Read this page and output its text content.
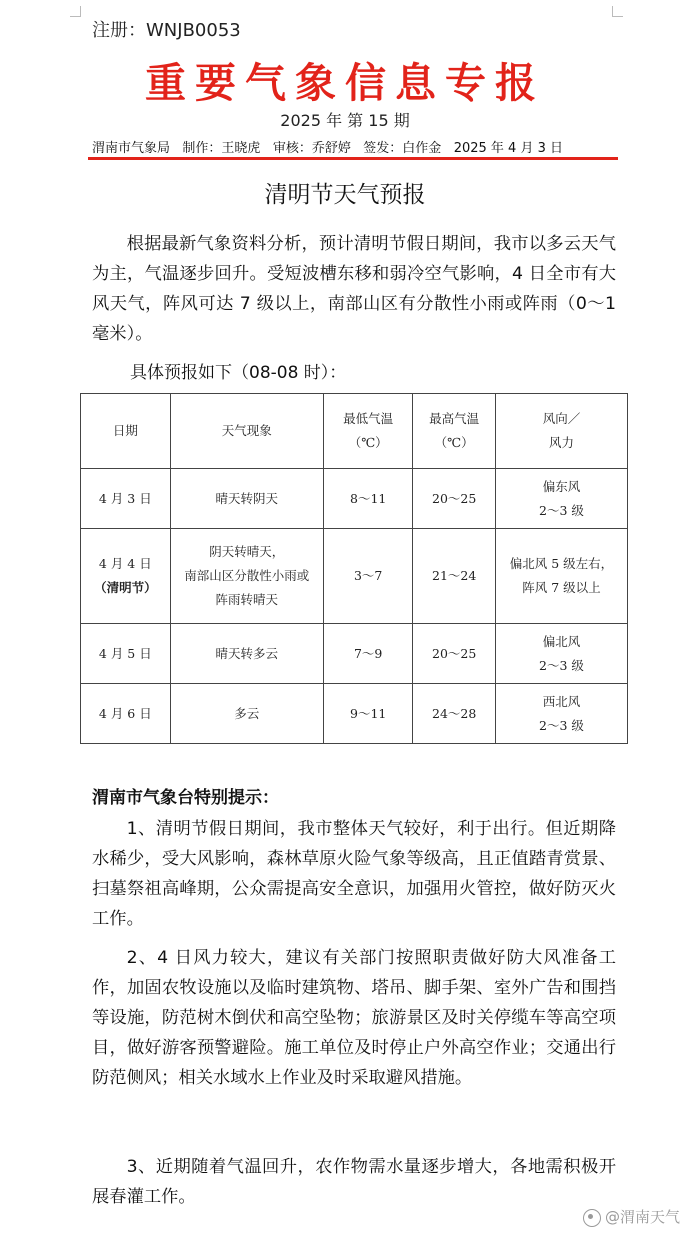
注册：WNJB0053
重要气象信息专报
2025 年 第 15 期
渭南市气象局 制作：王晓虎 审核：乔舒婷 签发：白作金 2025 年 4 月 3 日
清明节天气预报

根据最新气象资料分析，预计清明节假日期间，我市以多云天气为主，气温逐步回升。受短波槽东移和弱冷空气影响，4 日全市有大风天气，阵风可达 7 级以上，南部山区有分散性小雨或阵雨（0～1 毫米）。

具体预报如下（08-08 时）：
日期	天气现象	最低气温
（℃）	最高气温
（℃）	风向／
风力

4 月 3 日	晴天转阴天	8～11	20～25	偏东风
2～3 级

4 月 4 日
（清明节）	阴天转晴天，
南部山区分散性小雨或
阵雨转晴天	3～7	21～24	偏北风 5 级左右，
阵风 7 级以上

4 月 5 日	晴天转多云	7～9	20～25	偏北风
2～3 级

4 月 6 日	多云	9～11	24～28	西北风
2～3 级
渭南市气象台特别提示：

1、清明节假日期间，我市整体天气较好，利于出行。但近期降水稀少，受大风影响，森林草原火险气象等级高，且正值踏青赏景、扫墓祭祖高峰期，公众需提高安全意识，加强用火管控，做好防灭火工作。

2、4 日风力较大，建议有关部门按照职责做好防大风准备工作，加固农牧设施以及临时建筑物、塔吊、脚手架、室外广告和围挡等设施，防范树木倒伏和高空坠物；旅游景区及时关停缆车等高空项目，做好游客预警避险。施工单位及时停止户外高空作业；交通出行防范侧风；相关水域水上作业及时采取避风措施。

3、近期随着气温回升，农作物需水量逐步增大，各地需积极开展春灌工作。

@渭南天气
